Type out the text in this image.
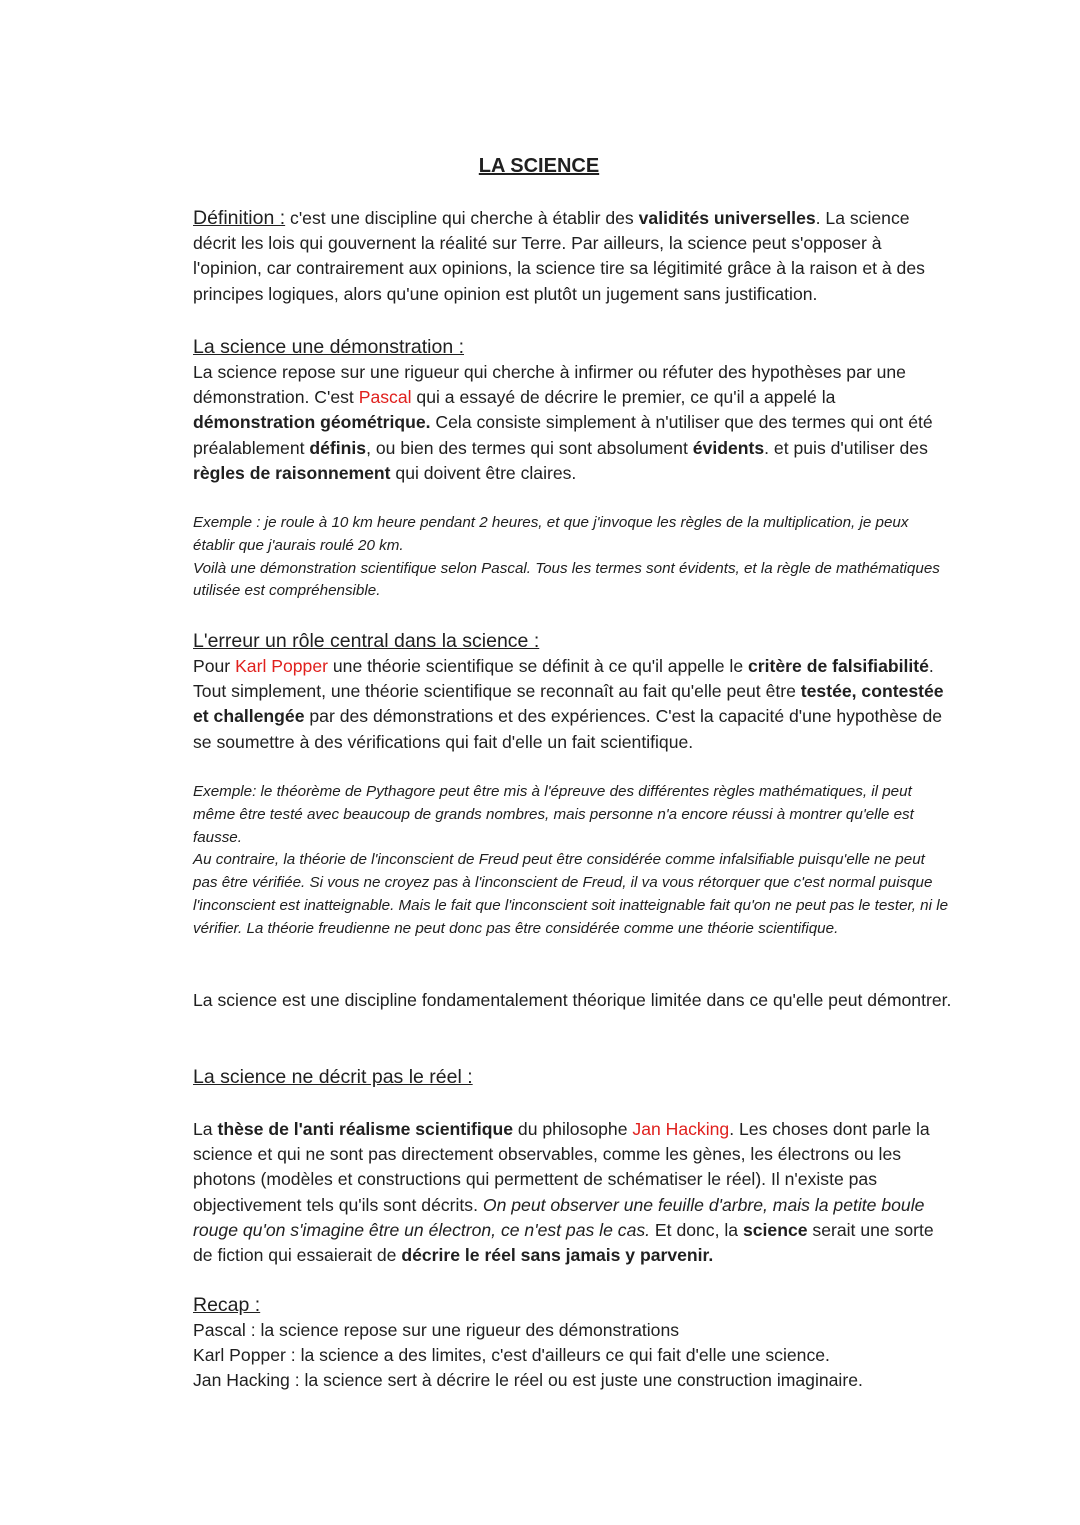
LA SCIENCE
Définition : c'est une discipline qui cherche à établir des validités universelles. La science décrit les lois qui gouvernent la réalité sur Terre. Par ailleurs, la science peut s'opposer à l'opinion, car contrairement aux opinions, la science tire sa légitimité grâce à la raison et à des principes logiques, alors qu'une opinion est plutôt un jugement sans justification.
La science une démonstration :

La science repose sur une rigueur qui cherche à infirmer ou réfuter des hypothèses par une démonstration. C'est Pascal qui a essayé de décrire le premier, ce qu'il a appelé la démonstration géométrique. Cela consiste simplement à n'utiliser que des termes qui ont été préalablement définis, ou bien des termes qui sont absolument évidents. et puis d'utiliser des règles de raisonnement qui doivent être claires.

Exemple : je roule à 10 km heure pendant 2 heures, et que j'invoque les règles de la multiplication, je peux établir que j'aurais roulé 20 km.

Voilà une démonstration scientifique selon Pascal. Tous les termes sont évidents, et la règle de mathématiques utilisée est compréhensible.

L'erreur un rôle central dans la science :

Pour Karl Popper une théorie scientifique se définit à ce qu'il appelle le critère de falsifiabilité. Tout simplement, une théorie scientifique se reconnaît au fait qu'elle peut être testée, contestée et challengée par des démonstrations et des expériences. C'est la capacité d'une hypothèse de se soumettre à des vérifications qui fait d'elle un fait scientifique.

Exemple: le théorème de Pythagore peut être mis à l'épreuve des différentes règles mathématiques, il peut même être testé avec beaucoup de grands nombres, mais personne n'a encore réussi à montrer qu'elle est fausse.

Au contraire, la théorie de l'inconscient de Freud peut être considérée comme infalsifiable puisqu'elle ne peut pas être vérifiée. Si vous ne croyez pas à l'inconscient de Freud, il va vous rétorquer que c'est normal puisque l'inconscient est inatteignable. Mais le fait que l'inconscient soit inatteignable fait qu'on ne peut pas le tester, ni le vérifier. La théorie freudienne ne peut donc pas être considérée comme une théorie scientifique.

La science est une discipline fondamentalement théorique limitée dans ce qu'elle peut démontrer.
La science ne décrit pas le réel :
La thèse de l'anti réalisme scientifique du philosophe Jan Hacking. Les choses dont parle la science et qui ne sont pas directement observables, comme les gènes, les électrons ou les photons (modèles et constructions qui permettent de schématiser le réel). Il n'existe pas objectivement tels qu'ils sont décrits. On peut observer une feuille d'arbre, mais la petite boule rouge qu'on s'imagine être un électron, ce n'est pas le cas. Et donc, la science serait une sorte de fiction qui essaierait de décrire le réel sans jamais y parvenir.
Recap :

Pascal : la science repose sur une rigueur des démonstrations

Karl Popper : la science a des limites, c'est d'ailleurs ce qui fait d'elle une science.

Jan Hacking : la science sert à décrire le réel ou est juste une construction imaginaire.
